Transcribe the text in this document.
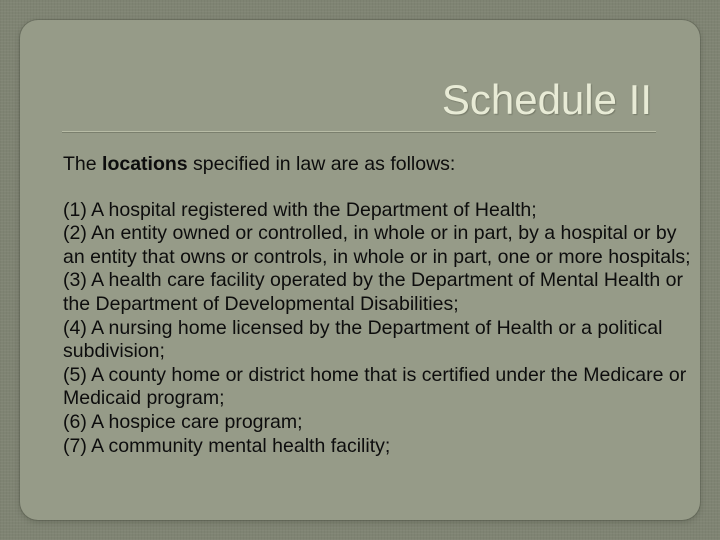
Schedule II

The locations specified in law are as follows:

(1) A hospital registered with the Department of Health;

(2) An entity owned or controlled, in whole or in part, by a hospital or by an entity that owns or controls, in whole or in part, one or more hospitals;

(3) A health care facility operated by the Department of Mental Health or the Department of Developmental Disabilities;

(4) A nursing home licensed by the Department of Health or a political subdivision;

(5) A county home or district home that is certified under the Medicare or Medicaid program;

(6) A hospice care program;

(7) A community mental health facility;
